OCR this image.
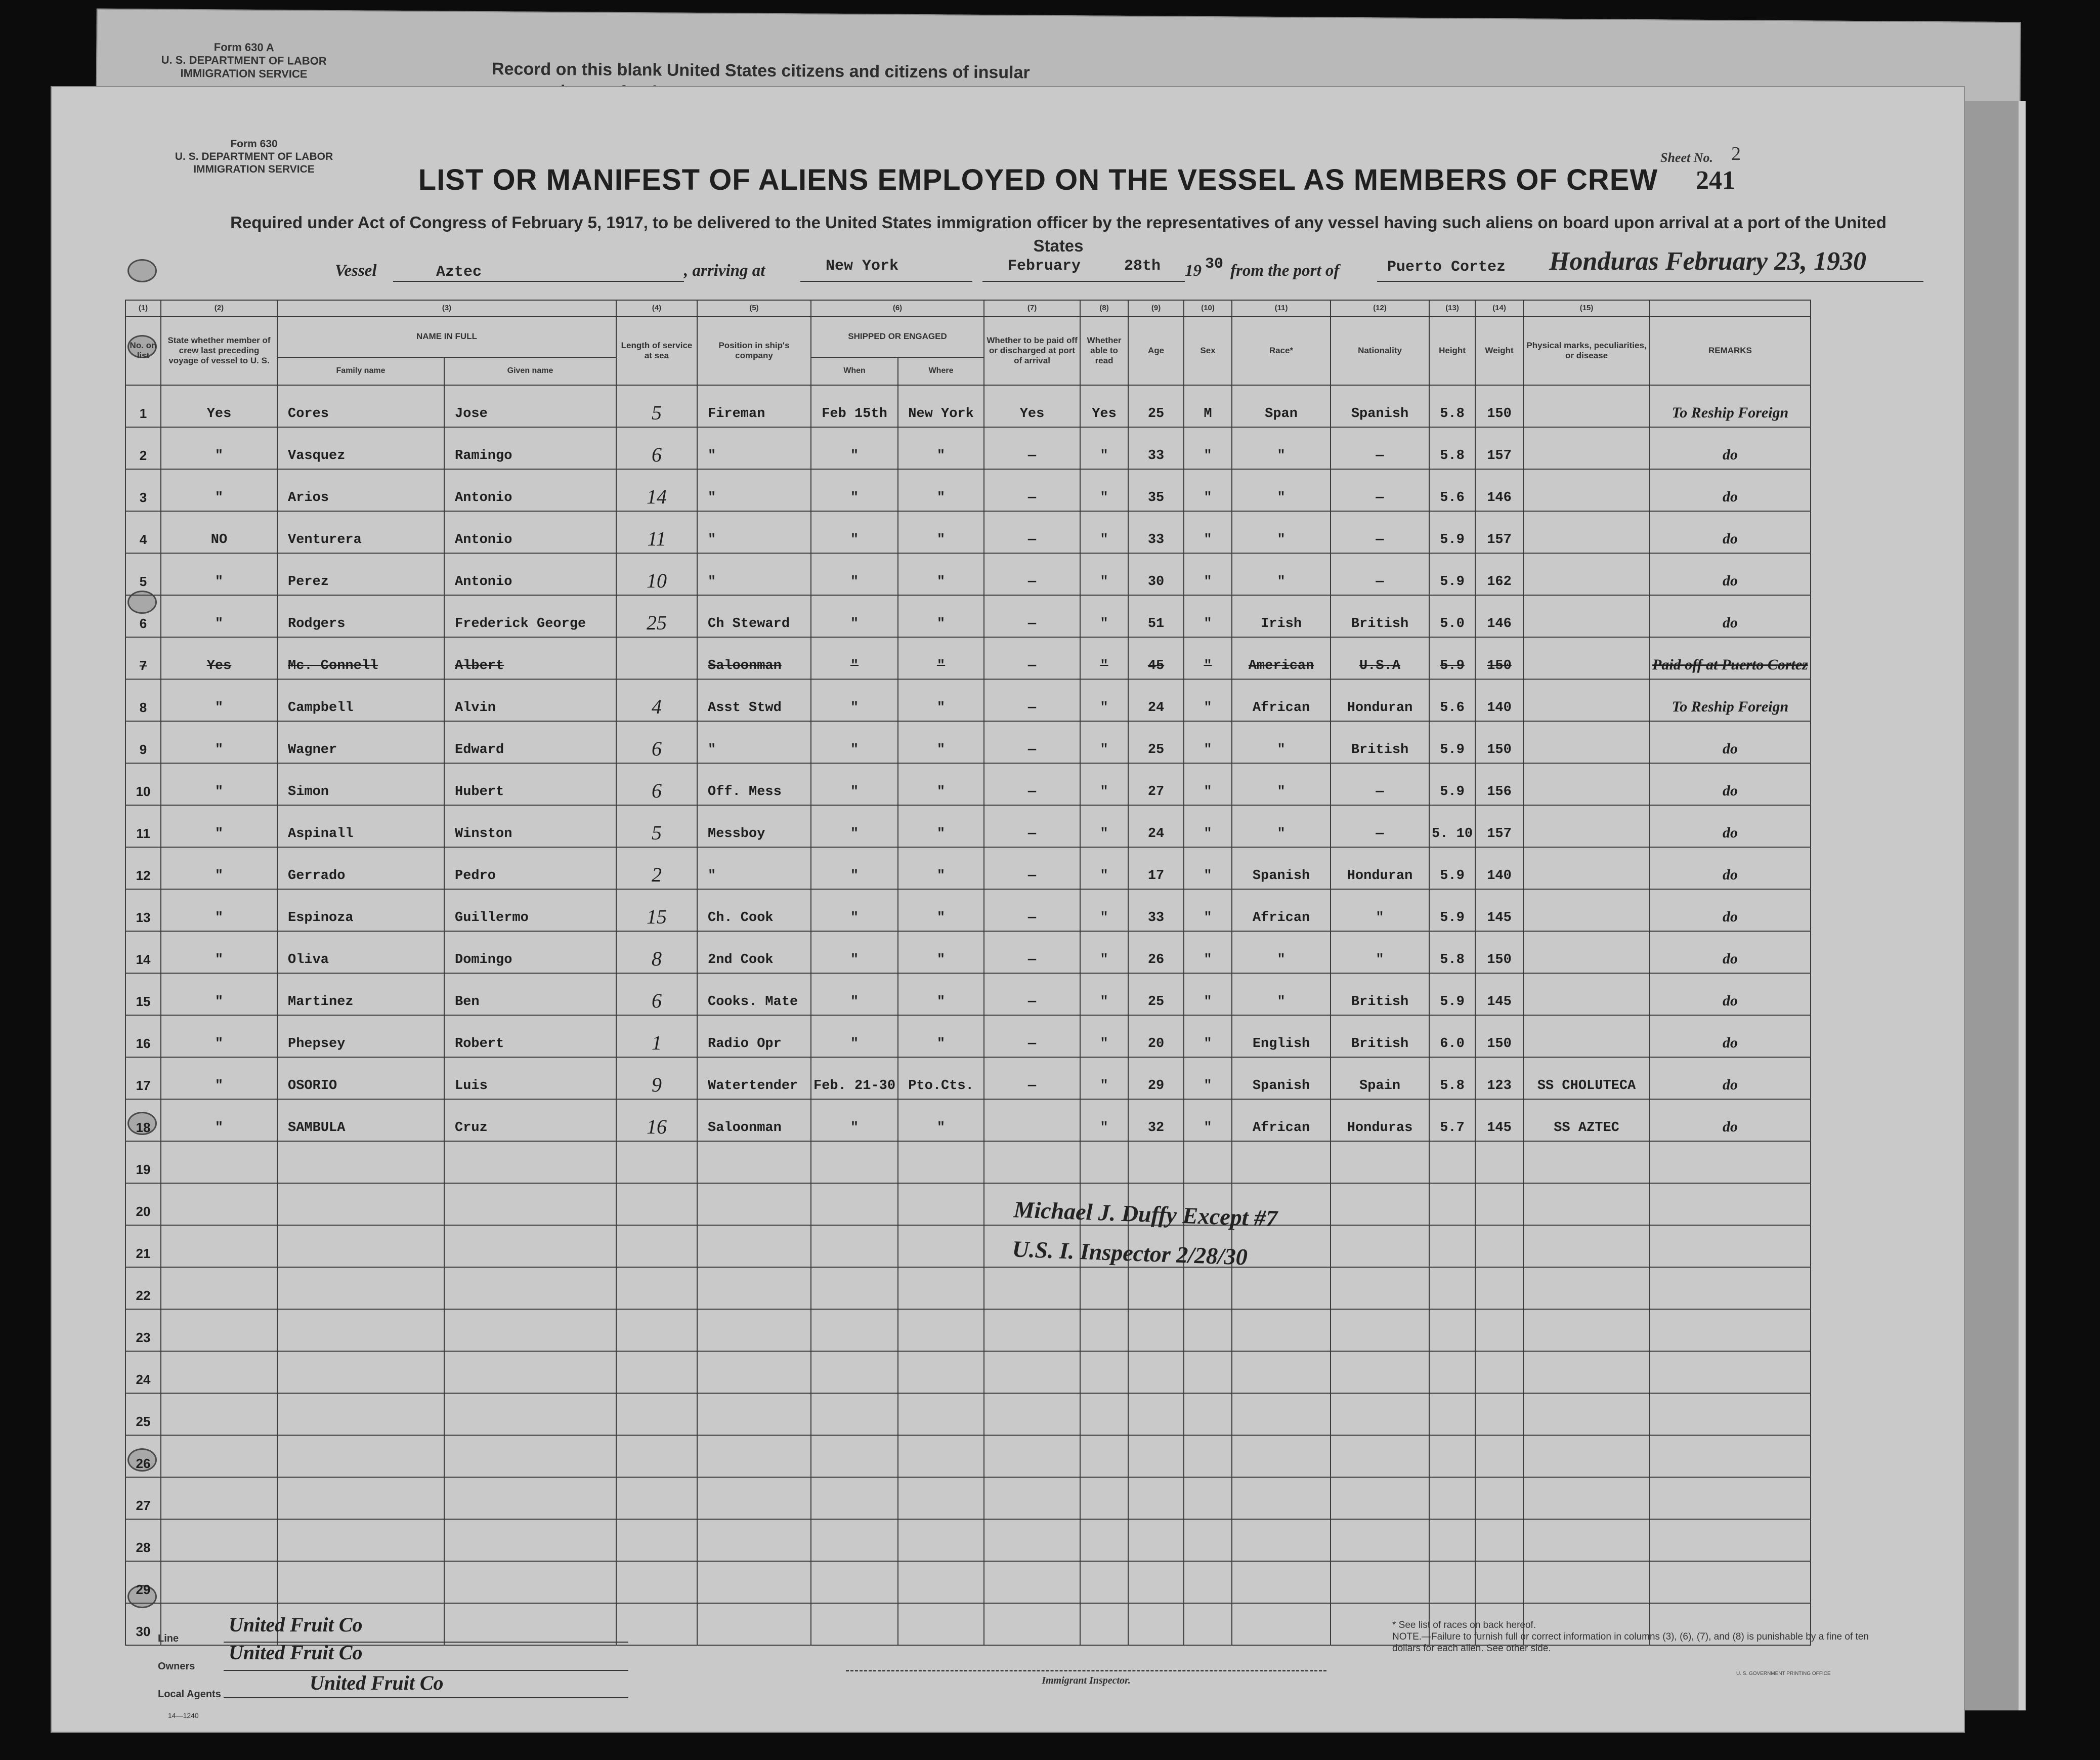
Form 630 A
U. S. DEPARTMENT OF LABOR
IMMIGRATION SERVICE	Record on this blank United States citizens and citizens of insular
Form 630
U. S. DEPARTMENT OF LABOR
IMMIGRATION SERVICE	LIST OR MANIFEST OF ALIENS EMPLOYED ON THE VESSEL AS MEMBERS OF CREW
Sheet No. 2
241
Required under Act of Congress of February 5, 1917, to be delivered to the United States immigration officer by the representatives of any vessel having such aliens on board upon arrival at a port of the United States
Vessel	Aztec	, arriving at	New York	February	28th 19 30 from the port of	Puerto Cortez Honduras February 23, 1930
(1)	(2)	(3)		(4)	(5)	(6)		(7)	(8)	(9)	(10)	(11)	(12)	(13)	(14)	(15)	
No. on list	State whether member of crew last preceding voyage of vessel to U. S.	NAME IN FULL		Length of service at sea	Position in ship's company	SHIPPED OR ENGAGED		Whether to be paid off or discharged at port of arrival	Whether able to read	Age	Sex	Race*	Nationality	Height	Weight	Physical marks, peculiarities, or disease	REMARKS
		Family name	Given name			When	Where										
1	Yes	Cores	Jose	5	Fireman	Feb 15th	New York	Yes	Yes	25	M	Span	Spanish	5.8	150		To Reship Foreign
2	"	Vasquez	Ramingo	6	"	"	"	—	"	33	"	"	—	5.8	157		do
3	"	Arios	Antonio	14	"	"	"	—	"	35	"	"	—	5.6	146		do
4	NO	Venturera	Antonio	11	"	"	"	—	"	33	"	"	—	5.9	157		do
5	"	Perez	Antonio	10	"	"	"	—	"	30	"	"	—	5.9	162		do
6	"	Rodgers	Frederick George	25	Ch Steward	"	"	—	"	51	"	Irish	British	5.0	146		do
7	Yes	Mc. Connell	Albert		Saloonman	"	"	—	"	45	"	American	U.S.A	5.9	150		Paid off at Puerto Cortez
8	"	Campbell	Alvin	4	Asst Stwd	"	"	—	"	24	"	African	Honduran	5.6	140		To Reship Foreign
9	"	Wagner	Edward	6	"	"	"	—	"	25	"	"	British	5.9	150		do
10	"	Simon	Hubert	6	Off. Mess	"	"	—	"	27	"	"	—	5.9	156		do
11	"	Aspinall	Winston	5	Messboy	"	"	—	"	24	"	"	—	5. 10	157		do
12	"	Gerrado	Pedro	2	"	"	"	—	"	17	"	Spanish	Honduran	5.9	140		do
13	"	Espinoza	Guillermo	15	Ch. Cook	"	"	—	"	33	"	African	"	5.9	145		do
14	"	Oliva	Domingo	8	2nd Cook	"	"	—	"	26	"	"	"	5.8	150		do
15	"	Martinez	Ben	6	Cooks. Mate	"	"	—	"	25	"	"	British	5.9	145		do
16	"	Phepsey	Robert	1	Radio Opr	"	"	—	"	20	"	English	British	6.0	150		do
17	"	OSORIO	Luis	9	Watertender	Feb. 21-30	Pto.Cts.	—	"	29	"	Spanish	Spain	5.8	123	SS CHOLUTECA	do
18	"	SAMBULA	Cruz	16	Saloonman	"	"		"	32	"	African	Honduras	5.7	145	SS AZTEC	do
19																	
20																	
21																	
22																	
23																	
24																	
25																	
26																	
27																	
28																	
29																	
30																	
Michael J. Duffy Except #7
U.S. I. Inspector 2/28/30
Line
United Fruit Co
Owners
United Fruit Co
Local Agents	United Fruit Co
14—1240
Immigrant Inspector.
* See list of races on back hereof.
NOTE.—Failure to furnish full or correct information in columns (3), (6), (7), and (8) is punishable by a fine of ten dollars for each alien. See other side.
U. S. GOVERNMENT PRINTING OFFICE
